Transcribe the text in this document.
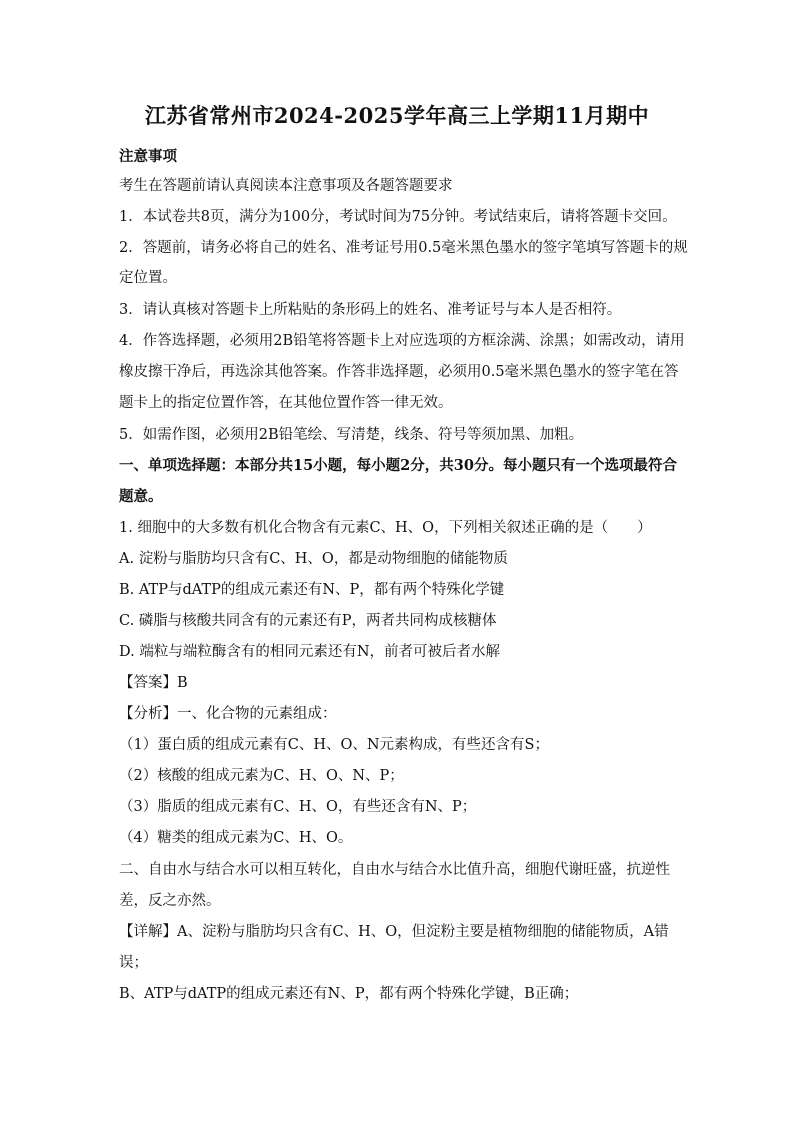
江苏省常州市2024-2025学年高三上学期11月期中
注意事项
考生在答题前请认真阅读本注意事项及各题答题要求
1．本试卷共8页，满分为100分，考试时间为75分钟。考试结束后，请将答题卡交回。
2．答题前，请务必将自己的姓名、准考证号用0.5毫米黑色墨水的签字笔填写答题卡的规
定位置。
3．请认真核对答题卡上所粘贴的条形码上的姓名、准考证号与本人是否相符。
4．作答选择题，必须用2B铅笔将答题卡上对应选项的方框涂满、涂黑；如需改动，请用
橡皮擦干净后，再选涂其他答案。作答非选择题，必须用0.5毫米黑色墨水的签字笔在答
题卡上的指定位置作答，在其他位置作答一律无效。
5．如需作图，必须用2B铅笔绘、写清楚，线条、符号等须加黑、加粗。
一、单项选择题：本部分共15小题，每小题2分，共30分。每小题只有一个选项最符合
题意。
1. 细胞中的大多数有机化合物含有元素C、H、O，下列相关叙述正确的是（　　）
A. 淀粉与脂肪均只含有C、H、O，都是动物细胞的储能物质
B. ATP与dATP的组成元素还有N、P，都有两个特殊化学键
C. 磷脂与核酸共同含有的元素还有P，两者共同构成核糖体
D. 端粒与端粒酶含有的相同元素还有N，前者可被后者水解
【答案】B
【分析】一、化合物的元素组成：
（1）蛋白质的组成元素有C、H、O、N元素构成，有些还含有S；
（2）核酸的组成元素为C、H、O、N、P；
（3）脂质的组成元素有C、H、O，有些还含有N、P；
（4）糖类的组成元素为C、H、O。
二、自由水与结合水可以相互转化，自由水与结合水比值升高，细胞代谢旺盛，抗逆性
差，反之亦然。
【详解】A、淀粉与脂肪均只含有C、H、O，但淀粉主要是植物细胞的储能物质，A错
误；
B、ATP与dATP的组成元素还有N、P，都有两个特殊化学键，B正确；
